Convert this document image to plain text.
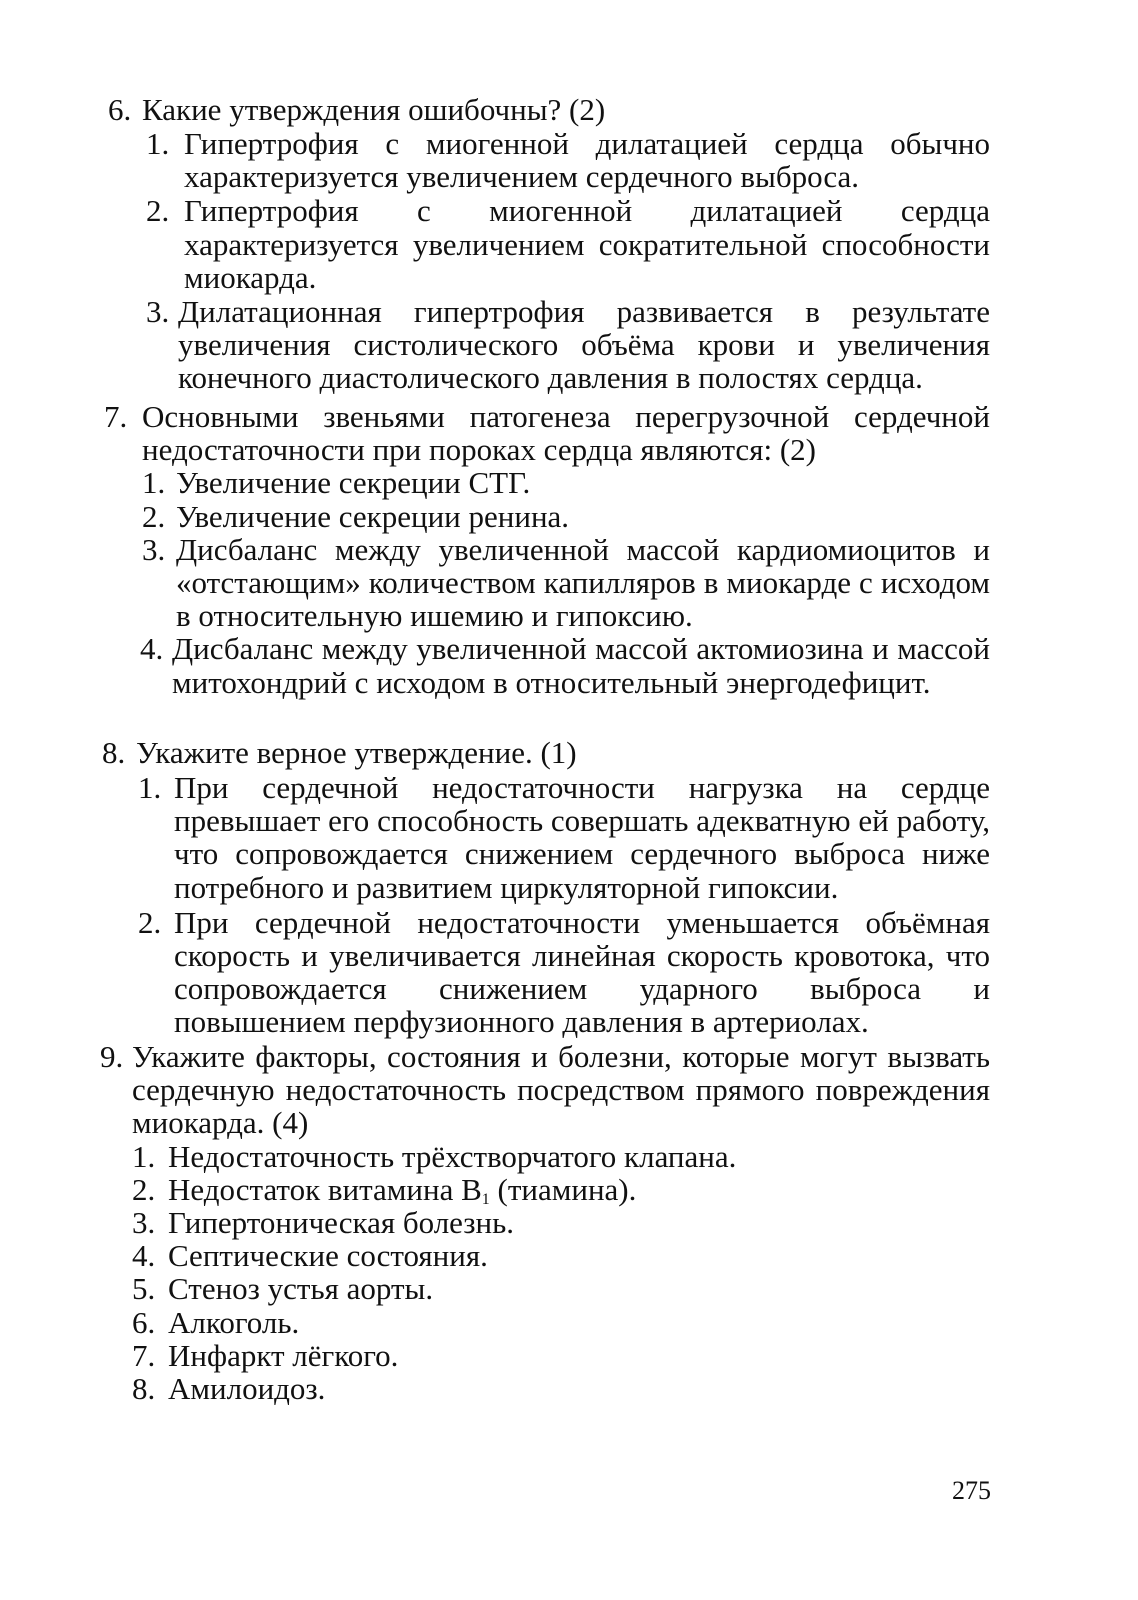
6. Какие утверждения ошибочны? (2)
1. Гипертрофия с миогенной дилатацией сердца обычно характеризуется увеличением сердечного выброса.
2. Гипертрофия с миогенной дилатацией сердца характеризуется увеличением сократительной способности миокарда.
3. Дилатационная гипертрофия развивается в результате увеличения систолического объёма крови и увеличения конечного диастолического давления в полостях сердца.
7. Основными звеньями патогенеза перегрузочной сердечной недостаточности при пороках сердца являются: (2)
1. Увеличение секреции СТГ.
2. Увеличение секреции ренина.
3. Дисбаланс между увеличенной массой кардиомиоцитов и «отстающим» количеством капилляров в миокарде с исходом в относительную ишемию и гипоксию.
4. Дисбаланс между увеличенной массой актомиозина и массой митохондрий с исходом в относительный энергодефицит.
8. Укажите верное утверждение. (1)
1. При сердечной недостаточности нагрузка на сердце превышает его способность совершать адекватную ей работу, что сопровождается снижением сердечного выброса ниже потребного и развитием циркуляторной гипоксии.
2. При сердечной недостаточности уменьшается объёмная скорость и увеличивается линейная скорость кровотока, что сопровождается снижением ударного выброса и повышением перфузионного давления в артериолах.
9. Укажите факторы, состояния и болезни, которые могут вызвать сердечную недостаточность посредством прямого повреждения миокарда. (4)
1. Недостаточность трёхстворчатого клапана.
2. Недостаток витамина $В_1$ (тиамина).
3. Гипертоническая болезнь.
4. Септические состояния.
5. Стеноз устья аорты.
6. Алкоголь.
7. Инфаркт лёгкого.
8. Амилоидоз.
275
